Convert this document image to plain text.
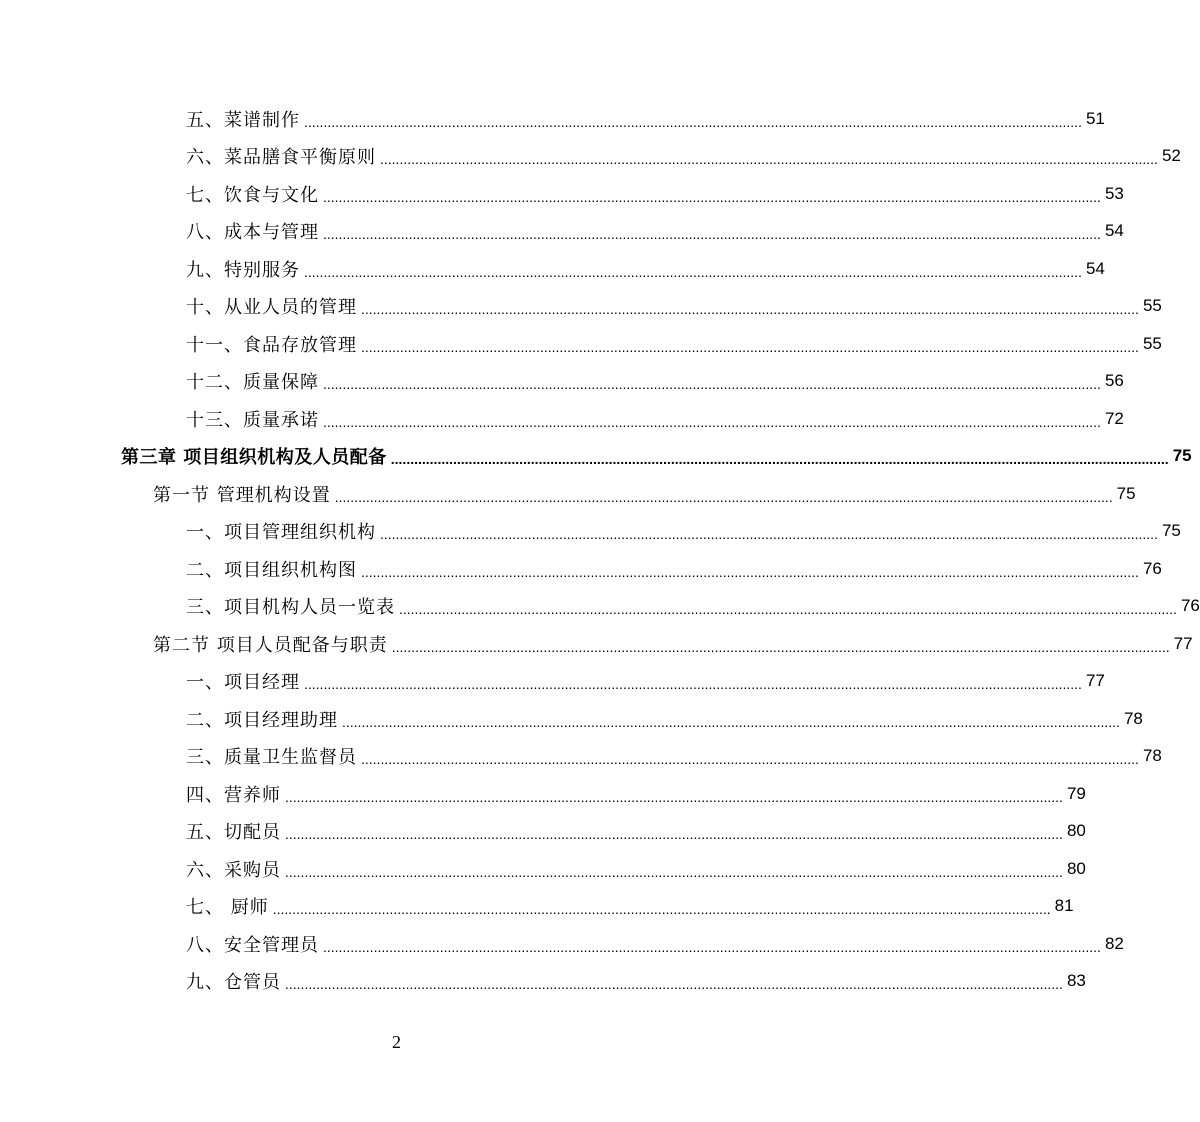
五、菜谱制作 ........................................................................................................................................................................................................ 51
六、菜品膳食平衡原则 ........................................................................................................................................................................................................ 52
七、饮食与文化 ........................................................................................................................................................................................................ 53
八、成本与管理 ........................................................................................................................................................................................................ 54
九、特别服务 ........................................................................................................................................................................................................ 54
十、从业人员的管理 ........................................................................................................................................................................................................ 55
十一、食品存放管理 ........................................................................................................................................................................................................ 55
十二、质量保障 ........................................................................................................................................................................................................ 56
十三、质量承诺 ........................................................................................................................................................................................................ 72
第三章 项目组织机构及人员配备 ........................................................................................................................................................................................................ 75
第一节 管理机构设置 ........................................................................................................................................................................................................ 75
一、项目管理组织机构 ........................................................................................................................................................................................................ 75
二、项目组织机构图 ........................................................................................................................................................................................................ 76
三、项目机构人员一览表 ........................................................................................................................................................................................................ 76
第二节 项目人员配备与职责 ........................................................................................................................................................................................................ 77
一、项目经理 ........................................................................................................................................................................................................ 77
二、项目经理助理 ........................................................................................................................................................................................................ 78
三、质量卫生监督员 ........................................................................................................................................................................................................ 78
四、营养师 ........................................................................................................................................................................................................ 79
五、切配员 ........................................................................................................................................................................................................ 80
六、采购员 ........................................................................................................................................................................................................ 80
七、 厨师 ........................................................................................................................................................................................................ 81
八、安全管理员 ........................................................................................................................................................................................................ 82
九、仓管员 ........................................................................................................................................................................................................ 83
2
